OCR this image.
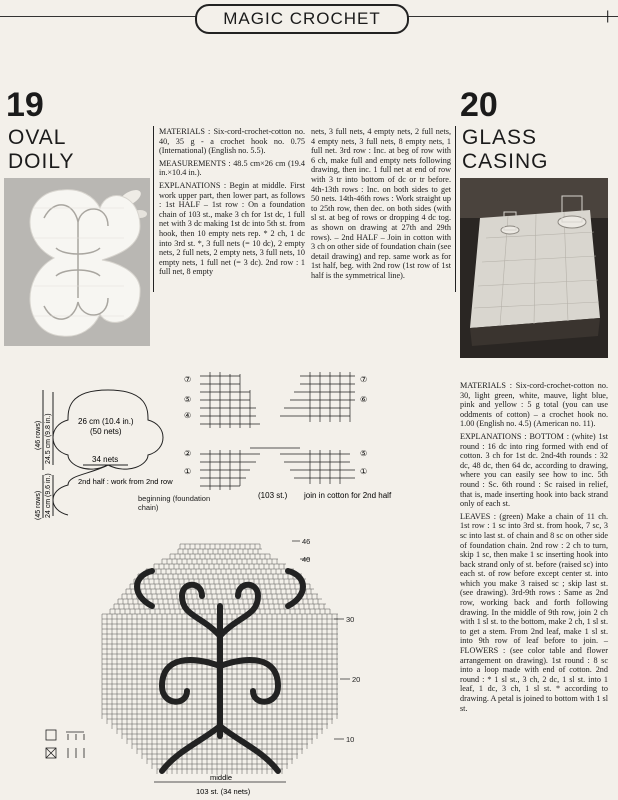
MAGIC CROCHET	|
19
OVAL
DOILY

MATERIALS : Six-cord-crochet-cotton no. 40, 35 g - a crochet hook no. 0.75 (International) (English no. 5.5).

MEASUREMENTS : 48.5 cm×26 cm (19.4 in.×10.4 in.).

EXPLANATIONS : Begin at middle. First work upper part, then lower part, as follows : 1st HALF – 1st row : On a foundation chain of 103 st., make 3 ch for 1st dc, 1 full net with 3 dc making 1st dc into 5th st. from hook, then 10 empty nets rep. * 2 ch, 1 dc into 3rd st. *, 3 full nets (= 10 dc), 2 empty nets, 2 full nets, 2 empty nets, 3 full nets, 10 empty nets, 1 full net (= 3 dc). 2nd row : 1 full net, 8 empty

nets, 3 full nets, 4 empty nets, 2 full nets, 4 empty nets, 3 full nets, 8 empty nets, 1 full net. 3rd row : Inc. at beg of row with 6 ch, make full and empty nets following drawing, then inc. 1 full net at end of row with 3 tr into bottom of dc or tr before. 4th-13th rows : Inc. on both sides to get 50 nets. 14th-46th rows : Work straight up to 25th row, then dec. on both sides (with sl st. at beg of rows or dropping 4 dc tog. as shown on drawing at 27th and 29th rows). – 2nd HALF – Join in cotton with 3 ch on other side of foundation chain (see detail drawing) and rep. same work as for 1st half, beg. with 2nd row (1st row of 1st half is the symmetrical line).

20
GLASS
CASING

MATERIALS : Six-cord-crochet-cotton no. 30, light green, white, mauve, light blue, pink and yellow : 5 g total (you can use oddments of cotton) – a crochet hook no. 1.00 (English no. 4.5) (American no. 11).

EXPLANATIONS : BOTTOM : (white) 1st round : 16 dc into ring formed with end of cotton. 3 ch for 1st dc. 2nd-4th rounds : 32 dc, 48 dc, then 64 dc, according to drawing, where you can easily see how to inc. 5th round : Sc. 6th round : Sc raised in relief, that is, made inserting hook into back strand only of each st.

LEAVES : (green) Make a chain of 11 ch. 1st row : 1 sc into 3rd st. from hook, 7 sc, 3 sc into last st. of chain and 8 sc on other side of foundation chain. 2nd row : 2 ch to turn, skip 1 sc, then make 1 sc inserting hook into back strand only of st. before (raised sc) into each st. of row before except center st. into which you make 3 raised sc ; skip last st. (see drawing). 3rd-9th rows : Same as 2nd row, working back and forth following drawing. In the middle of 9th row, join 2 ch with 1 sl st. to the bottom, make 2 ch, 1 sl st. to get a stem. From 2nd leaf, make 1 sl st. into 9th row of leaf before to join. – FLOWERS : (see color table and flower arrangement on drawing). 1st round : 8 sc into a loop made with end of cotton. 2nd round : * 1 sl st., 3 ch, 2 dc, 1 sl st. into 1 leaf, 1 dc, 3 ch, 1 sl st. * according to drawing. A petal is joined to bottom with 1 sl st.

26 cm (10.4 in.)
(50 nets)
34 nets
2nd half : work from 2nd row
(46 rows) 24.5 cm (9.8 in.)
(45 rows) 24 cm (9.6 in.)	beginning (foundation chain)
⑦
⑤
④
②
①
⑦
⑥
⑤
①
(103 st.) join in cotton for 2nd half
46
40
30
20
10
middle
103 st. (34 nets)
